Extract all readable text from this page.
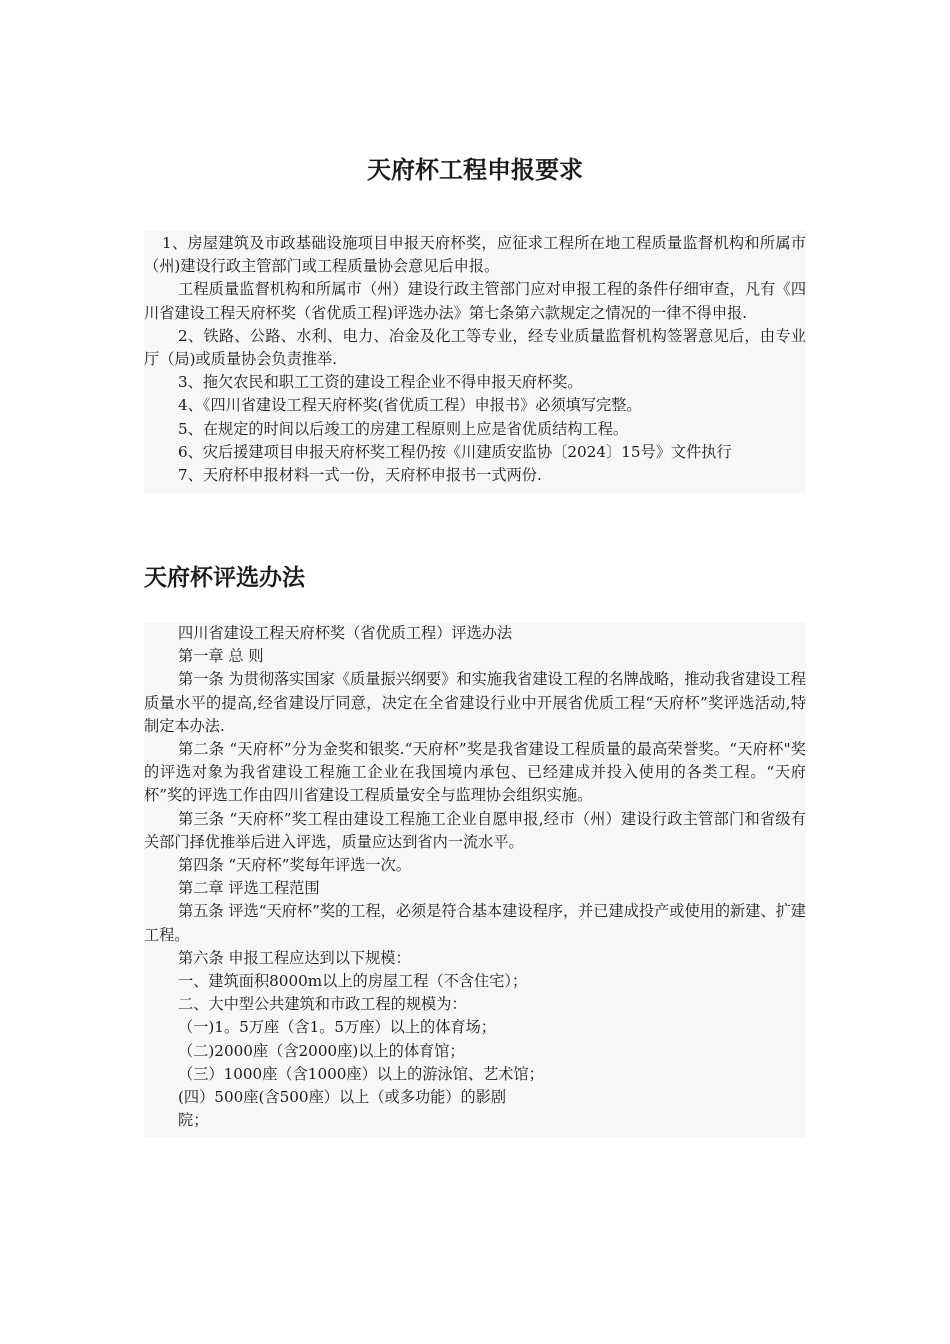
天府杯工程申报要求

1、房屋建筑及市政基础设施项目申报天府杯奖，应征求工程所在地工程质量监督机构和所属市（州)建设行政主管部门或工程质量协会意见后申报。

工程质量监督机构和所属市（州）建设行政主管部门应对申报工程的条件仔细审查，凡有《四川省建设工程天府杯奖（省优质工程)评选办法》第七条第六款规定之情况的一律不得申报.

2、铁路、公路、水利、电力、冶金及化工等专业，经专业质量监督机构签署意见后，由专业厅（局)或质量协会负责推举.

3、拖欠农民和职工工资的建设工程企业不得申报天府杯奖。

4、《四川省建设工程天府杯奖(省优质工程）申报书》必须填写完整。

5、在规定的时间以后竣工的房建工程原则上应是省优质结构工程。

6、灾后援建项目申报天府杯奖工程仍按《川建质安监协〔2024〕15号》文件执行

7、天府杯申报材料一式一份，天府杯申报书一式两份.

天府杯评选办法

四川省建设工程天府杯奖（省优质工程）评选办法

第一章 总 则

第一条 为贯彻落实国家《质量振兴纲要》和实施我省建设工程的名牌战略，推动我省建设工程质量水平的提高,经省建设厅同意，决定在全省建设行业中开展省优质工程“天府杯”奖评选活动,特制定本办法.

第二条 “天府杯”分为金奖和银奖.“天府杯”奖是我省建设工程质量的最高荣誉奖。“天府杯"奖的评选对象为我省建设工程施工企业在我国境内承包、已经建成并投入使用的各类工程。“天府杯”奖的评选工作由四川省建设工程质量安全与监理协会组织实施。

第三条 “天府杯”奖工程由建设工程施工企业自愿申报,经市（州）建设行政主管部门和省级有关部门择优推举后进入评选，质量应达到省内一流水平。

第四条 “天府杯”奖每年评选一次。

第二章 评选工程范围

第五条 评选“天府杯”奖的工程，必须是符合基本建设程序，并已建成投产或使用的新建、扩建工程。

第六条 申报工程应达到以下规模：

一、建筑面积8000m以上的房屋工程（不含住宅）；

二、大中型公共建筑和市政工程的规模为：

（一)1。5万座（含1。5万座）以上的体育场；

（二)2000座（含2000座)以上的体育馆；

（三）1000座（含1000座）以上的游泳馆、艺术馆；

(四）500座(含500座）以上（或多功能）的影剧

院；
